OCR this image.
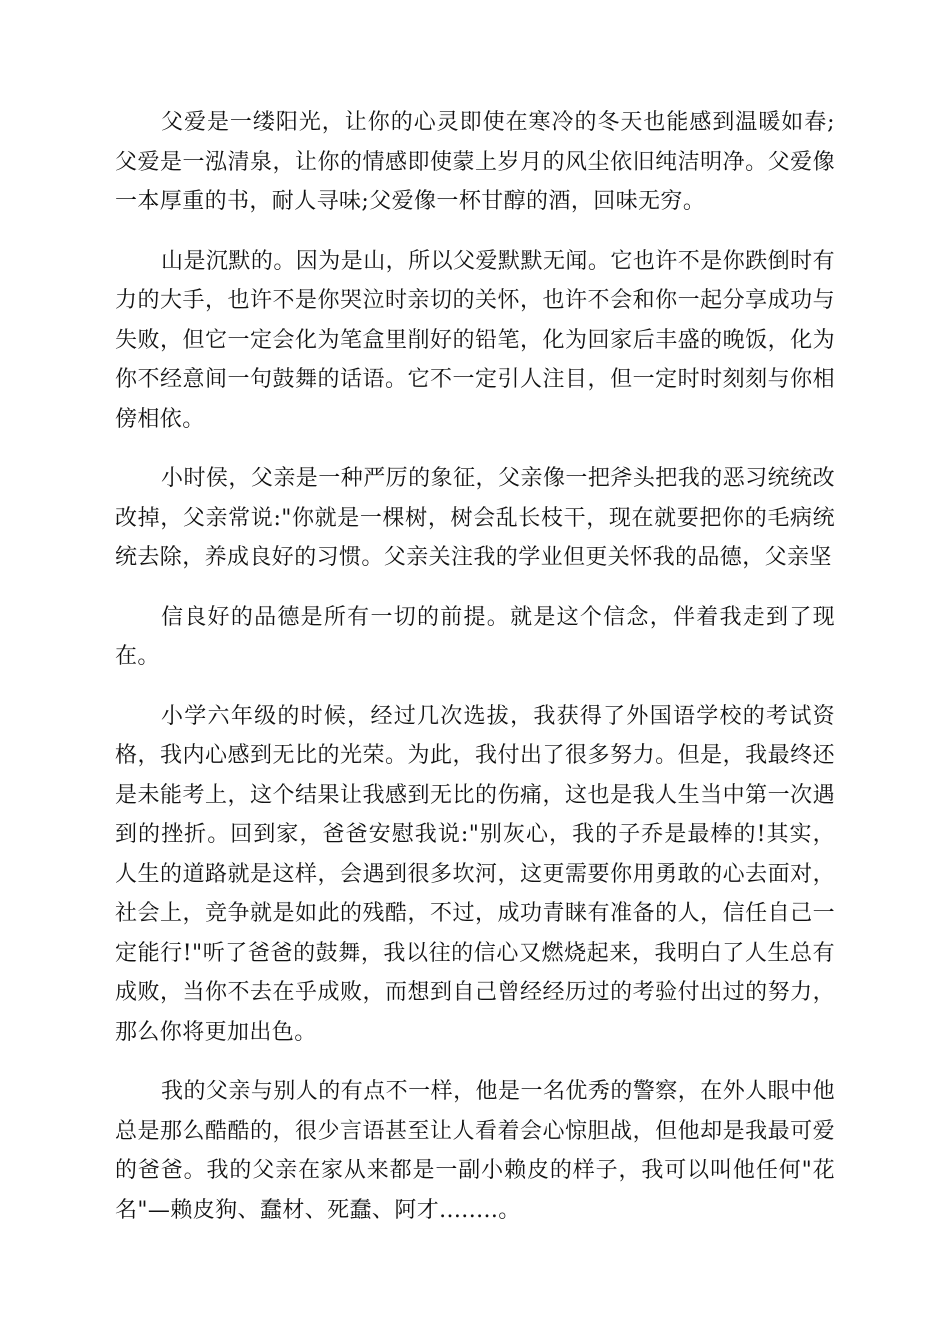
父爱是一缕阳光，让你的心灵即使在寒冷的冬天也能感到温暖如春;父爱是一泓清泉，让你的情感即使蒙上岁月的风尘依旧纯洁明净。父爱像一本厚重的书，耐人寻味;父爱像一杯甘醇的酒，回味无穷。

山是沉默的。因为是山，所以父爱默默无闻。它也许不是你跌倒时有力的大手，也许不是你哭泣时亲切的关怀，也许不会和你一起分享成功与失败，但它一定会化为笔盒里削好的铅笔，化为回家后丰盛的晚饭，化为你不经意间一句鼓舞的话语。它不一定引人注目，但一定时时刻刻与你相傍相依。

小时侯，父亲是一种严厉的象征，父亲像一把斧头把我的恶习统统改改掉，父亲常说:"你就是一棵树，树会乱长枝干，现在就要把你的毛病统统去除，养成良好的习惯。父亲关注我的学业但更关怀我的品德，父亲坚

信良好的品德是所有一切的前提。就是这个信念，伴着我走到了现在。

小学六年级的时候，经过几次选拔，我获得了外国语学校的考试资格，我内心感到无比的光荣。为此，我付出了很多努力。但是，我最终还是未能考上，这个结果让我感到无比的伤痛，这也是我人生当中第一次遇到的挫折。回到家，爸爸安慰我说:"别灰心，我的子乔是最棒的!其实，人生的道路就是这样，会遇到很多坎河，这更需要你用勇敢的心去面对，社会上，竞争就是如此的残酷，不过，成功青睐有准备的人，信任自己一定能行!"听了爸爸的鼓舞，我以往的信心又燃烧起来，我明白了人生总有成败，当你不去在乎成败，而想到自己曾经经历过的考验付出过的努力，那么你将更加出色。

我的父亲与别人的有点不一样，他是一名优秀的警察，在外人眼中他总是那么酷酷的，很少言语甚至让人看着会心惊胆战，但他却是我最可爱的爸爸。我的父亲在家从来都是一副小赖皮的样子，我可以叫他任何"花名"—赖皮狗、蠢材、死蠢、阿才........。
